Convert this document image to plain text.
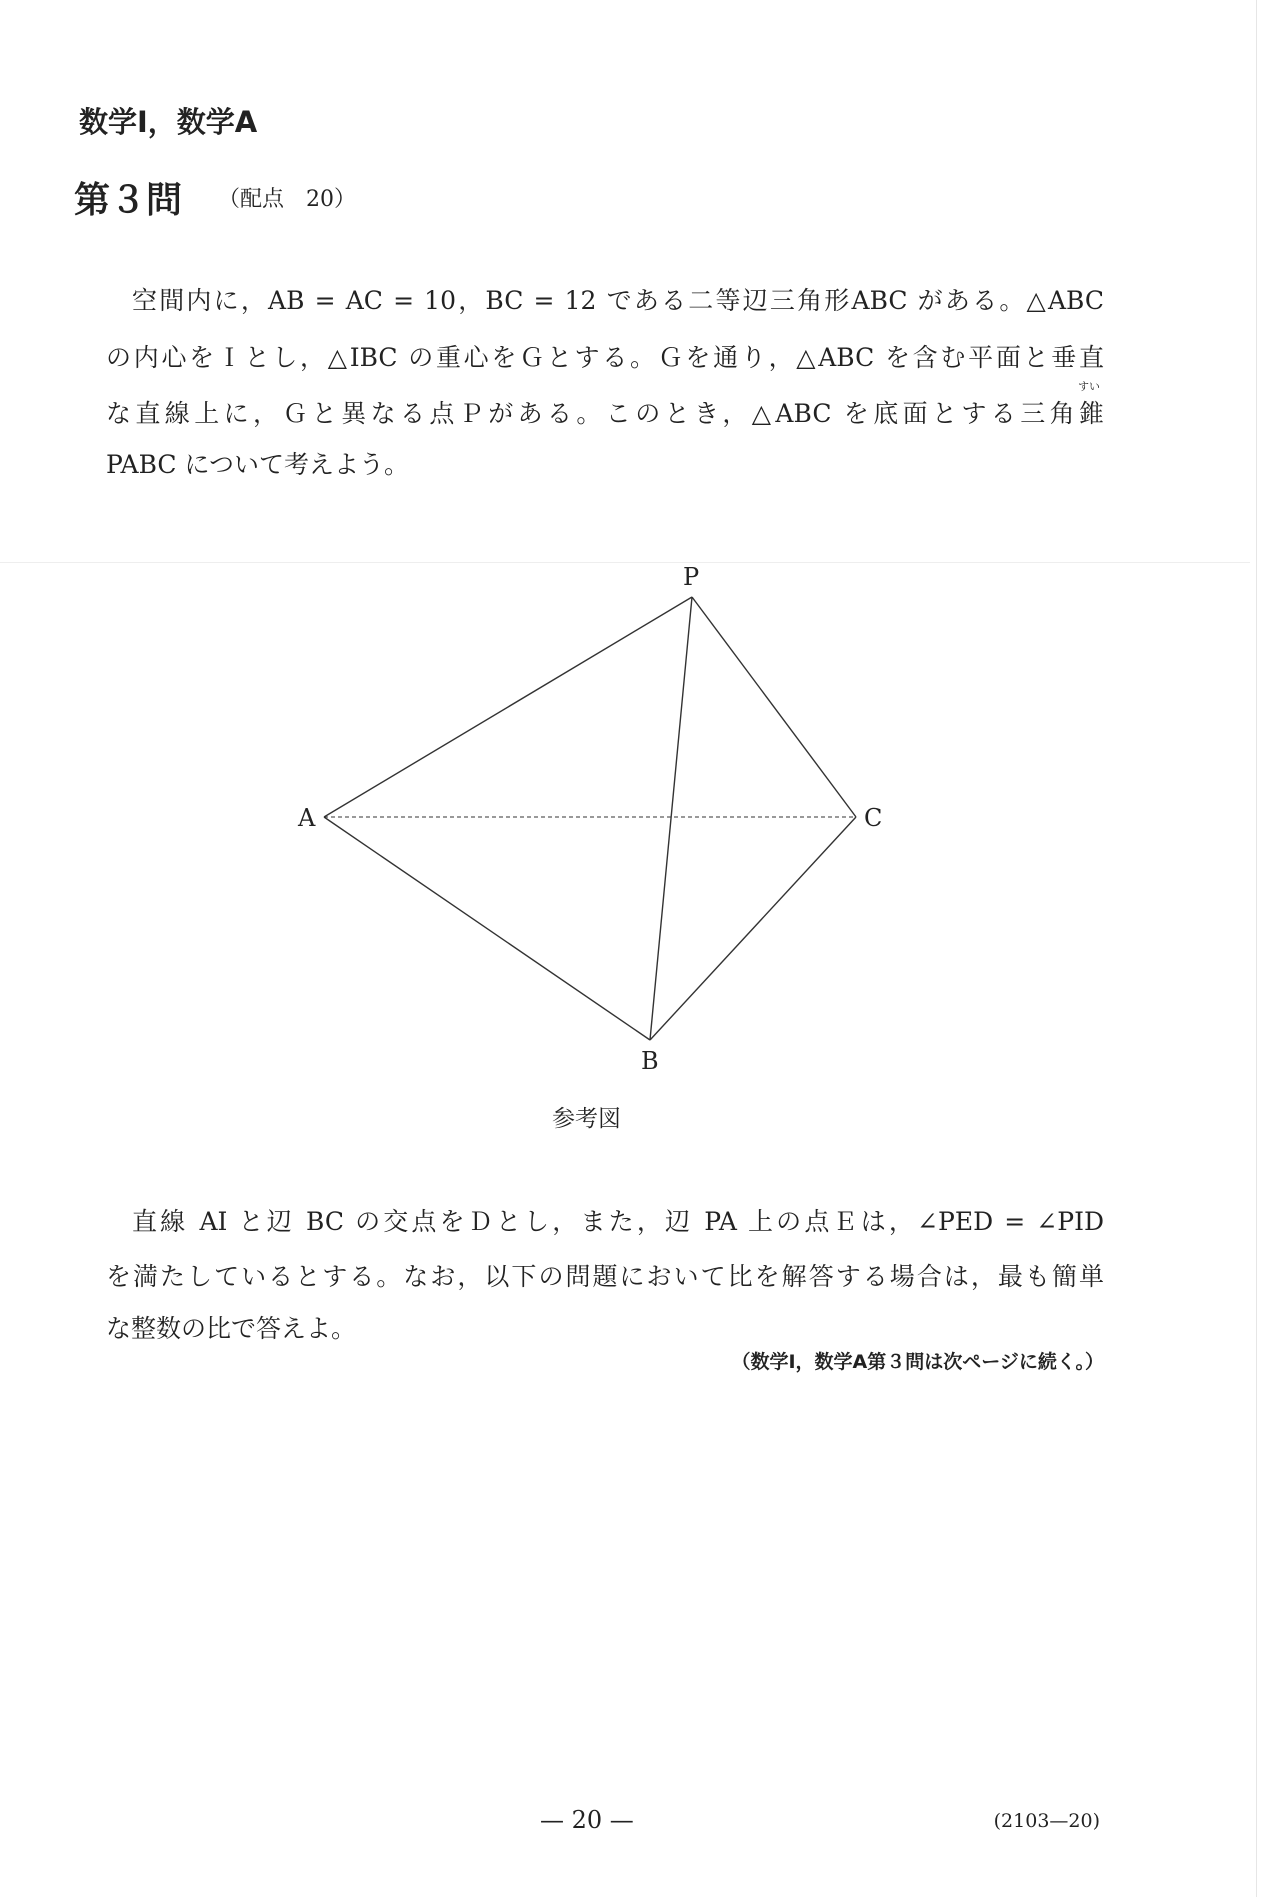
数学Ⅰ，数学A
第３問 （配点　20）
空間内に，AB = AC = 10，BC = 12 である二等辺三角形ABC がある。△ABC
の内心をＩとし，△IBC の重心をＧとする。Ｇを通り，△ABC を含む平面と垂直
すい
な直線上に，Ｇと異なる点Ｐがある。このとき，△ABC を底面とする三角錐
PABC について考えよう。
P
A	C
B
参考図
直線 AI と辺 BC の交点をＤとし，また，辺 PA 上の点Ｅは，∠PED = ∠PID
を満たしているとする。なお，以下の問題において比を解答する場合は，最も簡単
な整数の比で答えよ。
（数学Ⅰ，数学A第３問は次ページに続く。）
— 20 —	(2103—20)
